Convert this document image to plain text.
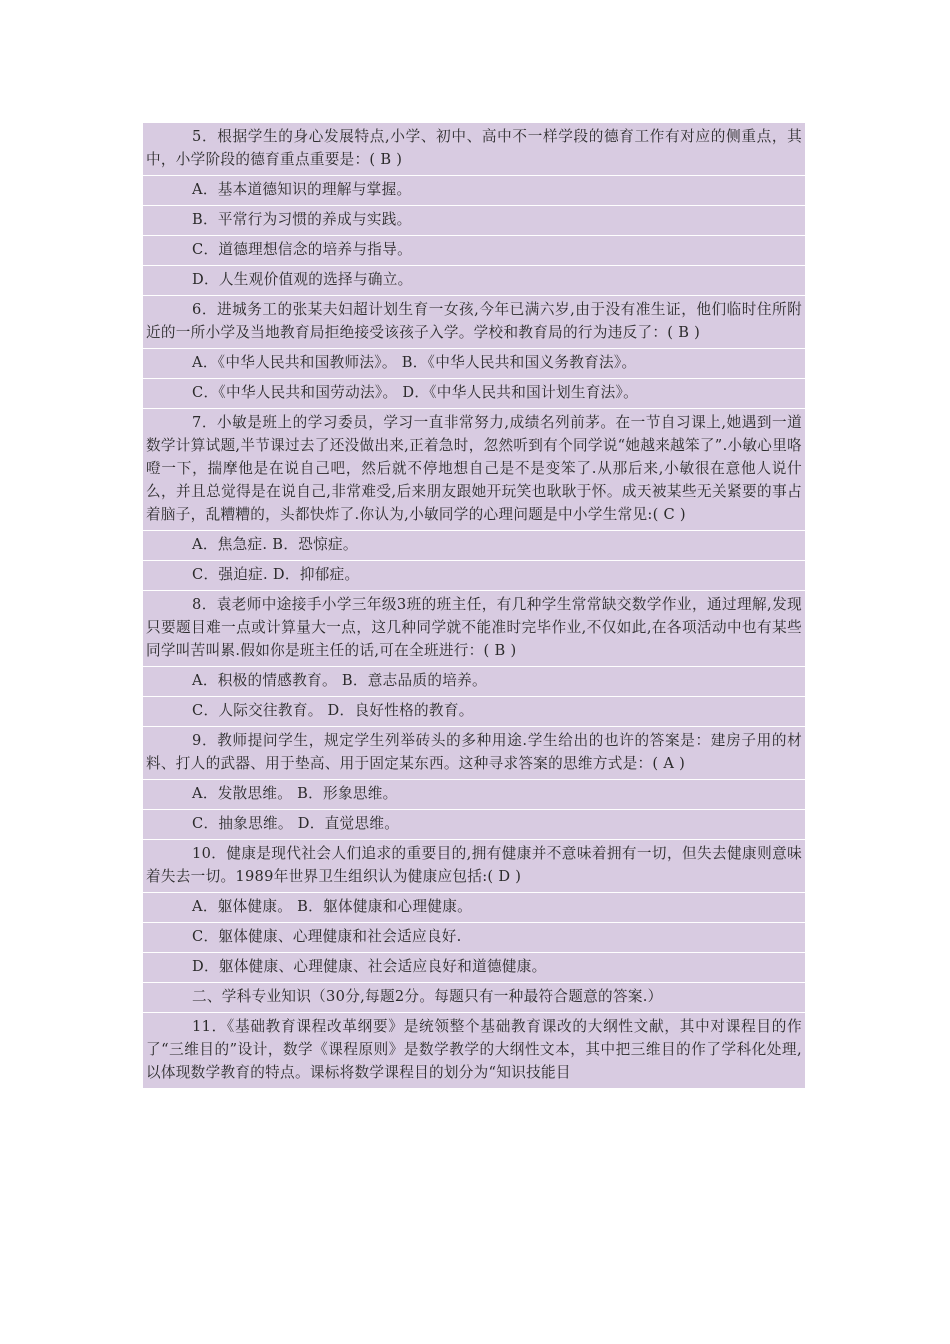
5．根据学生的身心发展特点,小学、初中、高中不一样学段的德育工作有对应的侧重点，其中，小学阶段的德育重点重要是：( B )
A．基本道德知识的理解与掌握。
B．平常行为习惯的养成与实践。
C．道德理想信念的培养与指导。
D．人生观价值观的选择与确立。
6．进城务工的张某夫妇超计划生育一女孩,今年已满六岁,由于没有准生证，他们临时住所附近的一所小学及当地教育局拒绝接受该孩子入学。学校和教育局的行为违反了：( B )
A．《中华人民共和国教师法》。 B．《中华人民共和国义务教育法》。
C．《中华人民共和国劳动法》。 D．《中华人民共和国计划生育法》。
7．小敏是班上的学习委员，学习一直非常努力,成绩名列前茅。在一节自习课上,她遇到一道数学计算试题,半节课过去了还没做出来,正着急时，忽然听到有个同学说“她越来越笨了”.小敏心里咯噔一下，揣摩他是在说自己吧，然后就不停地想自己是不是变笨了.从那后来,小敏很在意他人说什么，并且总觉得是在说自己,非常难受,后来朋友跟她开玩笑也耿耿于怀。成天被某些无关紧要的事占着脑子，乱糟糟的，头都快炸了.你认为,小敏同学的心理问题是中小学生常见:( C )
A．焦急症. B．恐惊症。
C．强迫症. D．抑郁症。
8．袁老师中途接手小学三年级3班的班主任，有几种学生常常缺交数学作业，通过理解,发现只要题目难一点或计算量大一点，这几种同学就不能准时完毕作业,不仅如此,在各项活动中也有某些同学叫苦叫累.假如你是班主任的话,可在全班进行：( B )
A．积极的情感教育。 B．意志品质的培养。
C．人际交往教育。 D．良好性格的教育。
9．教师提问学生，规定学生列举砖头的多种用途.学生给出的也许的答案是：建房子用的材料、打人的武器、用于垫高、用于固定某东西。这种寻求答案的思维方式是：( A )
A．发散思维。 B．形象思维。
C．抽象思维。 D．直觉思维。
10．健康是现代社会人们追求的重要目的,拥有健康并不意味着拥有一切，但失去健康则意味着失去一切。1989年世界卫生组织认为健康应包括:( D )
A．躯体健康。 B．躯体健康和心理健康。
C．躯体健康、心理健康和社会适应良好.
D．躯体健康、心理健康、社会适应良好和道德健康。
二、学科专业知识（30分,每题2分。每题只有一种最符合题意的答案.）
11．《基础教育课程改革纲要》是统领整个基础教育课改的大纲性文献，其中对课程目的作了“三维目的”设计，数学《课程原则》是数学教学的大纲性文本，其中把三维目的作了学科化处理,以体现数学教育的特点。课标将数学课程目的划分为“知识技能目
